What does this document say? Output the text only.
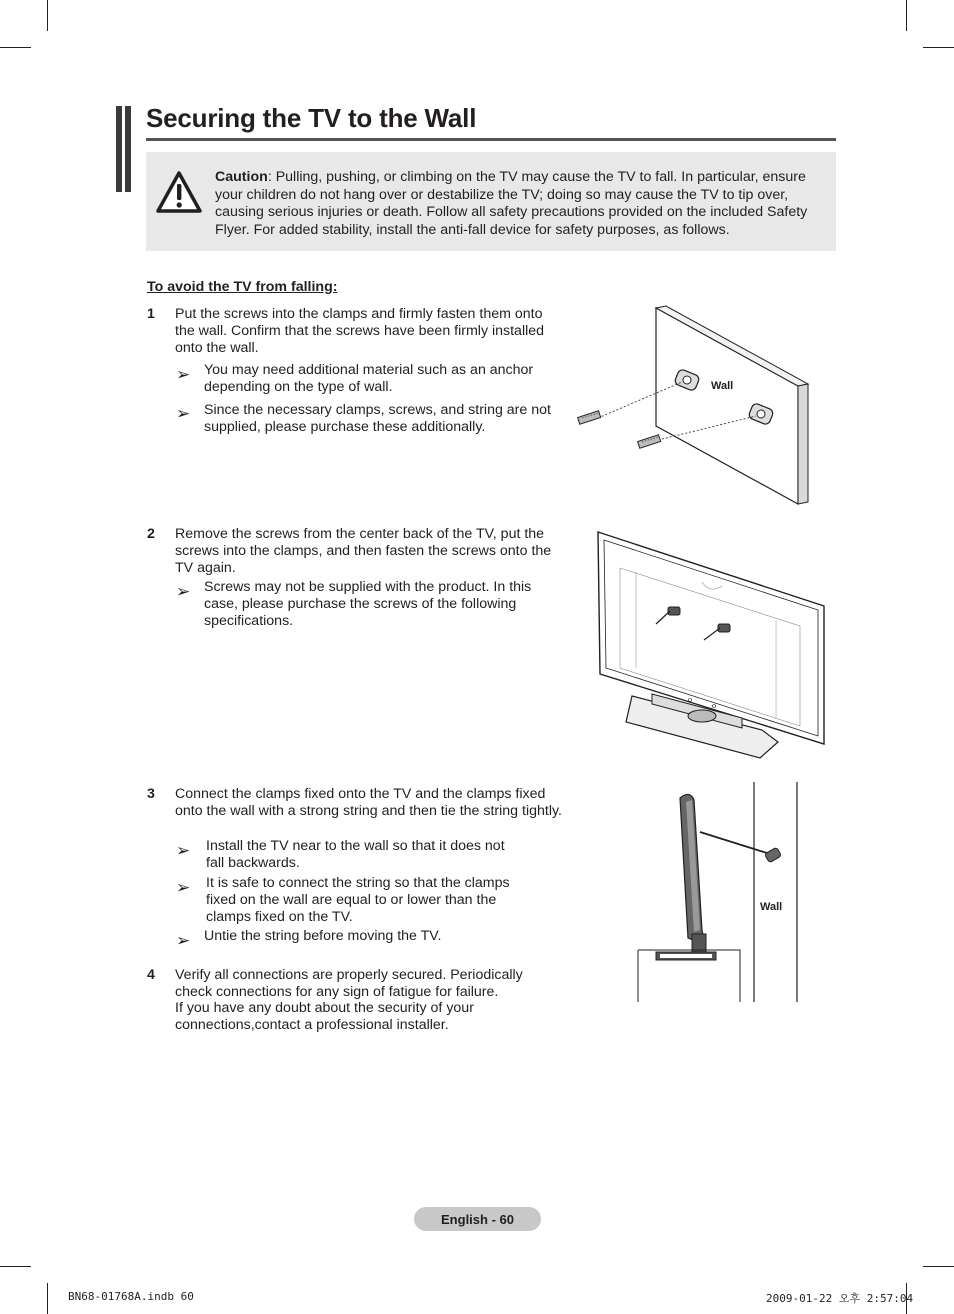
Securing the TV to the Wall
Caution: Pulling, pushing, or climbing on the TV may cause the TV to fall. In particular, ensure your children do not hang over or destabilize the TV; doing so may cause the TV to tip over, causing serious injuries or death. Follow all safety precautions provided on the included Safety Flyer. For added stability, install the anti-fall device for safety purposes, as follows.
To avoid the TV from falling:
1 Put the screws into the clamps and firmly fasten them onto the wall. Confirm that the screws have been firmly installed onto the wall.
➢ You may need additional material such as an anchor depending on the type of wall.
➢ Since the necessary clamps, screws, and string are not supplied, please purchase these additionally.
Wall
2 Remove the screws from the center back of the TV, put the screws into the clamps, and then fasten the screws onto the TV again.
➢ Screws may not be supplied with the product. In this case, please purchase the screws of the following specifications.
3 Connect the clamps fixed onto the TV and the clamps fixed onto the wall with a strong string and then tie the string tightly.
➢ Install the TV near to the wall so that it does not fall backwards.
➢ It is safe to connect the string so that the clamps fixed on the wall are equal to or lower than the clamps fixed on the TV.
➢ Untie the string before moving the TV.
Wall
4 Verify all connections are properly secured. Periodically check connections for any sign of fatigue for failure.
If you have any doubt about the security of your connections,contact a professional installer.
English - 60
BN68-01768A.indb 60	2009-01-22 오후 2:57:04
